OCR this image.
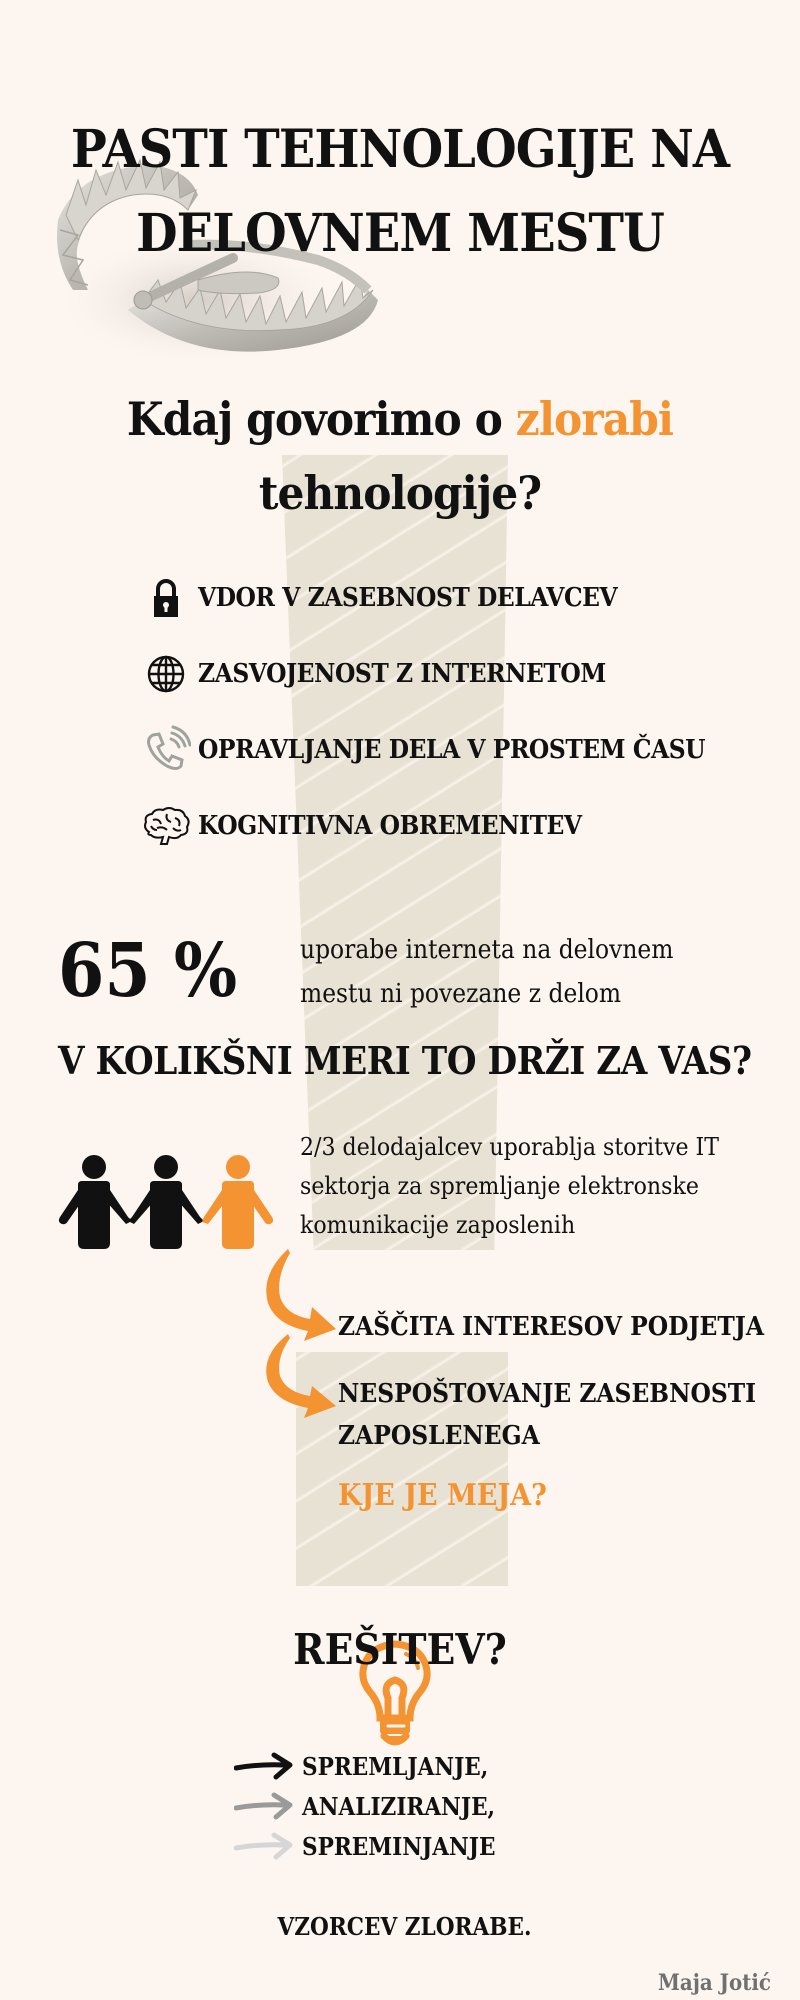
PASTI TEHNOLOGIJE NA
DELOVNEM MESTU
Kdaj govorimo o zlorabi
tehnologije?
VDOR V ZASEBNOST DELAVCEV
ZASVOJENOST Z INTERNETOM
OPRAVLJANJE DELA V PROSTEM ČASU
KOGNITIVNA OBREMENITEV
65 % uporabe interneta na delovnem
mestu ni povezane z delom
V KOLIKŠNI MERI TO DRŽI ZA VAS?
2/3 delodajalcev uporablja storitve IT
sektorja za spremljanje elektronske
komunikacije zaposlenih
ZAŠČITA INTERESOV PODJETJA
NESPOŠTOVANJE ZASEBNOSTI
ZAPOSLENEGA
KJE JE MEJA?
REŠITEV?
SPREMLJANJE,
ANALIZIRANJE,
SPREMINJANJE
VZORCEV ZLORABE.
Maja Jotić
